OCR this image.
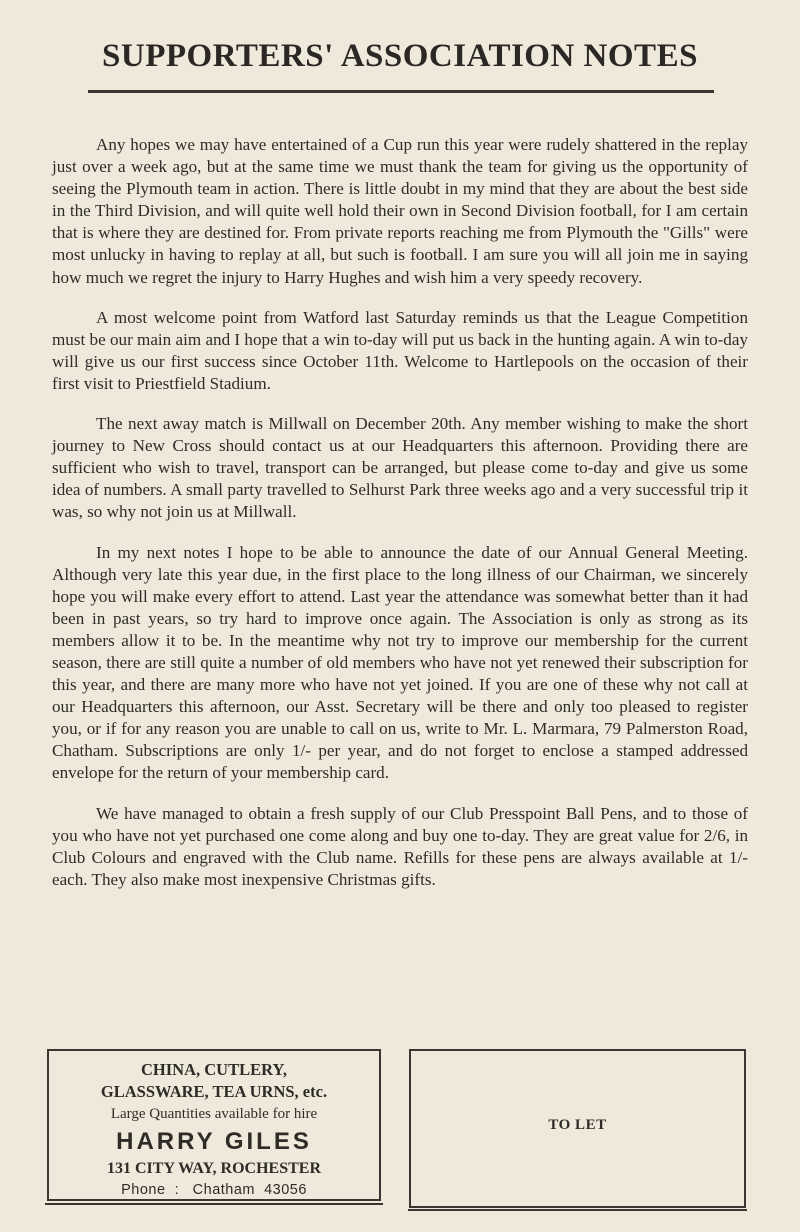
SUPPORTERS' ASSOCIATION NOTES

Any hopes we may have entertained of a Cup run this year were rudely shattered in the replay just over a week ago, but at the same time we must thank the team for giving us the opportunity of seeing the Plymouth team in action. There is little doubt in my mind that they are about the best side in the Third Division, and will quite well hold their own in Second Division football, for I am certain that is where they are destined for. From private reports reaching me from Plymouth the "Gills" were most unlucky in having to replay at all, but such is football. I am sure you will all join me in saying how much we regret the injury to Harry Hughes and wish him a very speedy recovery.

A most welcome point from Watford last Saturday reminds us that the League Competition must be our main aim and I hope that a win to-day will put us back in the hunting again. A win to-day will give us our first success since October 11th. Welcome to Hartlepools on the occasion of their first visit to Priestfield Stadium.

The next away match is Millwall on December 20th. Any member wishing to make the short journey to New Cross should contact us at our Headquarters this afternoon. Providing there are sufficient who wish to travel, transport can be arranged, but please come to-day and give us some idea of numbers. A small party travelled to Selhurst Park three weeks ago and a very successful trip it was, so why not join us at Millwall.

In my next notes I hope to be able to announce the date of our Annual General Meeting. Although very late this year due, in the first place to the long illness of our Chairman, we sincerely hope you will make every effort to attend. Last year the attendance was somewhat better than it had been in past years, so try hard to improve once again. The Association is only as strong as its members allow it to be. In the meantime why not try to improve our membership for the current season, there are still quite a number of old members who have not yet renewed their subscription for this year, and there are many more who have not yet joined. If you are one of these why not call at our Headquarters this afternoon, our Asst. Secretary will be there and only too pleased to register you, or if for any reason you are unable to call on us, write to Mr. L. Marmara, 79 Palmerston Road, Chatham. Subscriptions are only 1/- per year, and do not forget to enclose a stamped addressed envelope for the return of your membership card.

We have managed to obtain a fresh supply of our Club Presspoint Ball Pens, and to those of you who have not yet purchased one come along and buy one to-day. They are great value for 2/6, in Club Colours and engraved with the Club name. Refills for these pens are always available at 1/- each. They also make most inexpensive Christmas gifts.

CHINA, CUTLERY,
GLASSWARE, TEA URNS, etc.
Large Quantities available for hire
HARRY GILES
131 CITY WAY, ROCHESTER
Phone  :   Chatham  43056
TO LET
